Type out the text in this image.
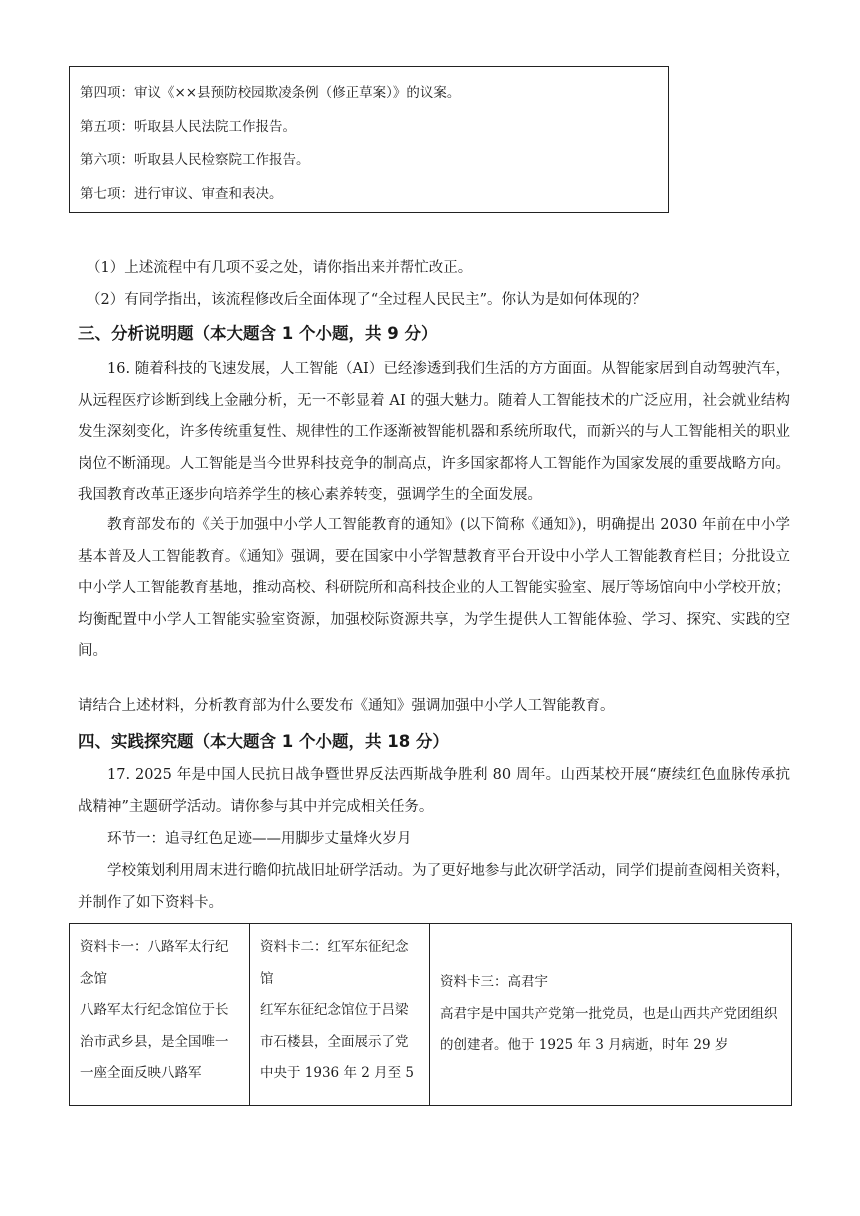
第四项：审议《××县预防校园欺凌条例（修正草案）》的议案。
第五项：听取县人民法院工作报告。
第六项：听取县人民检察院工作报告。
第七项：进行审议、审查和表决。
（1）上述流程中有几项不妥之处，请你指出来并帮忙改正。
（2）有同学指出，该流程修改后全面体现了“全过程人民民主”。你认为是如何体现的？
三、分析说明题（本大题含 1 个小题，共 9 分）
16. 随着科技的飞速发展，人工智能（AI）已经渗透到我们生活的方方面面。从智能家居到自动驾驶汽车，从远程医疗诊断到线上金融分析，无一不彰显着 AI 的强大魅力。随着人工智能技术的广泛应用，社会就业结构发生深刻变化，许多传统重复性、规律性的工作逐渐被智能机器和系统所取代，而新兴的与人工智能相关的职业岗位不断涌现。人工智能是当今世界科技竞争的制高点，许多国家都将人工智能作为国家发展的重要战略方向。我国教育改革正逐步向培养学生的核心素养转变，强调学生的全面发展。
教育部发布的《关于加强中小学人工智能教育的通知》(以下简称《通知》)，明确提出 2030 年前在中小学基本普及人工智能教育。《通知》强调，要在国家中小学智慧教育平台开设中小学人工智能教育栏目；分批设立中小学人工智能教育基地，推动高校、科研院所和高科技企业的人工智能实验室、展厅等场馆向中小学校开放；均衡配置中小学人工智能实验室资源，加强校际资源共享，为学生提供人工智能体验、学习、探究、实践的空间。
请结合上述材料，分析教育部为什么要发布《通知》强调加强中小学人工智能教育。
四、实践探究题（本大题含 1 个小题，共 18 分）
17. 2025 年是中国人民抗日战争暨世界反法西斯战争胜利 80 周年。山西某校开展“赓续红色血脉传承抗战精神”主题研学活动。请你参与其中并完成相关任务。
环节一：追寻红色足迹——用脚步丈量烽火岁月
学校策划利用周末进行瞻仰抗战旧址研学活动。为了更好地参与此次研学活动，同学们提前查阅相关资料，并制作了如下资料卡。
资料卡一：八路军太行纪念馆
八路军太行纪念馆位于长治市武乡县，是全国唯一一座全面反映八路军

资料卡二：红军东征纪念馆
红军东征纪念馆位于吕梁市石楼县，全面展示了党中央于 1936 年 2 月至 5

资料卡三：高君宇
高君宇是中国共产党第一批党员，也是山西共产党团组织的创建者。他于 1925 年 3 月病逝，时年 29 岁
